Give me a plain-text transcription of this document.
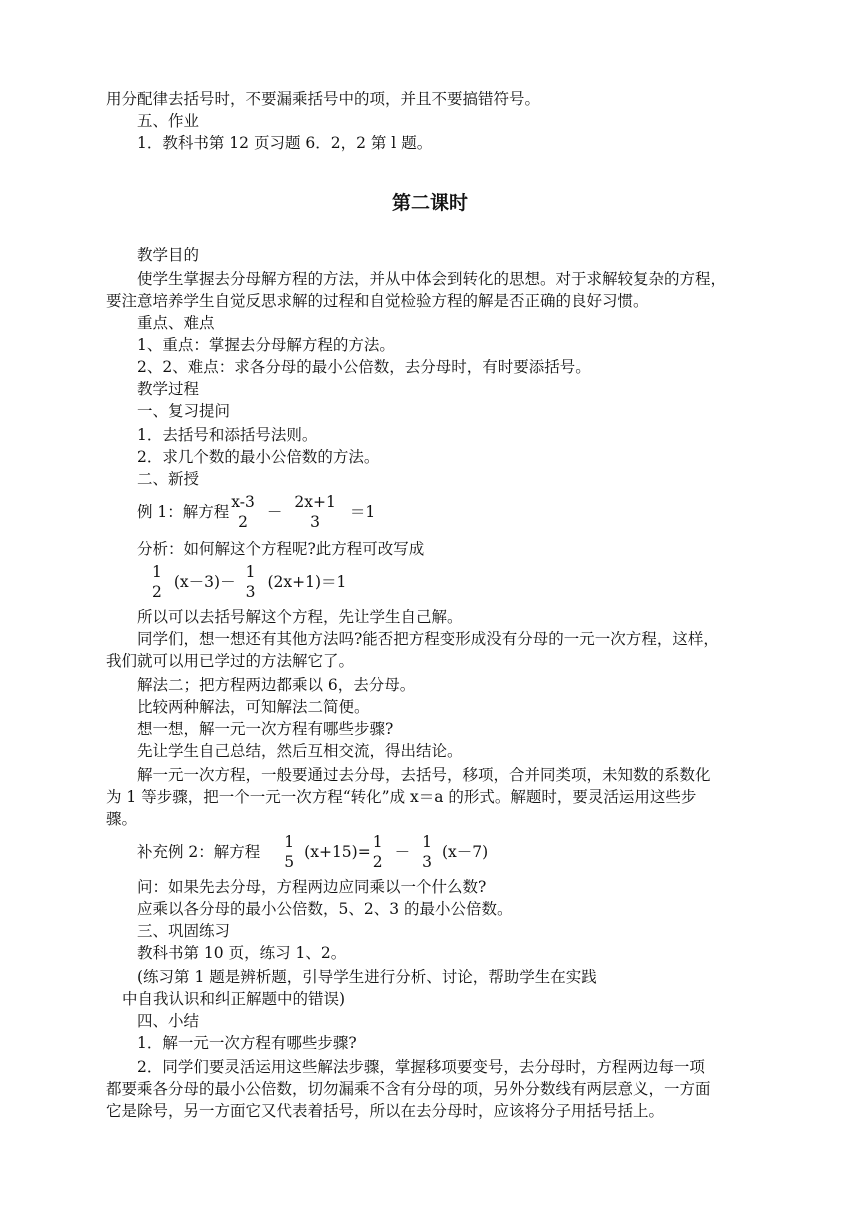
用分配律去括号时，不要漏乘括号中的项，并且不要搞错符号。
五、作业
1．教科书第 12 页习题 6．2，2 第 l 题。
第二课时
教学目的
使学生掌握去分母解方程的方法，并从中体会到转化的思想。对于求解较复杂的方程，
要注意培养学生自觉反思求解的过程和自觉检验方程的解是否正确的良好习惯。
重点、难点
1、重点：掌握去分母解方程的方法。
2、2、难点：求各分母的最小公倍数，去分母时，有时要添括号。
教学过程
一、复习提问
1．去括号和添括号法则。
2．求几个数的最小公倍数的方法。
二、新授
例 1：解方程
x-3
2
－
2x+1
3
＝1
分析：如何解这个方程呢?此方程可改写成
1
2
(x－3)－
1
3
(2x+1)＝1
所以可以去括号解这个方程，先让学生自己解。
同学们，想一想还有其他方法吗?能否把方程变形成没有分母的一元一次方程，这样，
我们就可以用已学过的方法解它了。
解法二；把方程两边都乘以 6，去分母。
比较两种解法，可知解法二简便。
想一想，解一元一次方程有哪些步骤?
先让学生自己总结，然后互相交流，得出结论。
解一元一次方程，一般要通过去分母，去括号，移项，合并同类项，未知数的系数化
为 1 等步骤，把一个一元一次方程“转化”成 x＝a 的形式。解题时，要灵活运用这些步
骤。
补充例 2：解方程
1
5
(x+15)=
1
2
－
1
3
(x－7)
问：如果先去分母，方程两边应同乘以一个什么数?
应乘以各分母的最小公倍数，5、2、3 的最小公倍数。
三、巩固练习
教科书第 10 页，练习 1、2。
(练习第 1 题是辨析题，引导学生进行分析、讨论，帮助学生在实践
中自我认识和纠正解题中的错误)
四、小结
1．解一元一次方程有哪些步骤?
2．同学们要灵活运用这些解法步骤，掌握移项要变号，去分母时，方程两边每一项
都要乘各分母的最小公倍数，切勿漏乘不含有分母的项，另外分数线有两层意义，一方面
它是除号，另一方面它又代表着括号，所以在去分母时，应该将分子用括号括上。
